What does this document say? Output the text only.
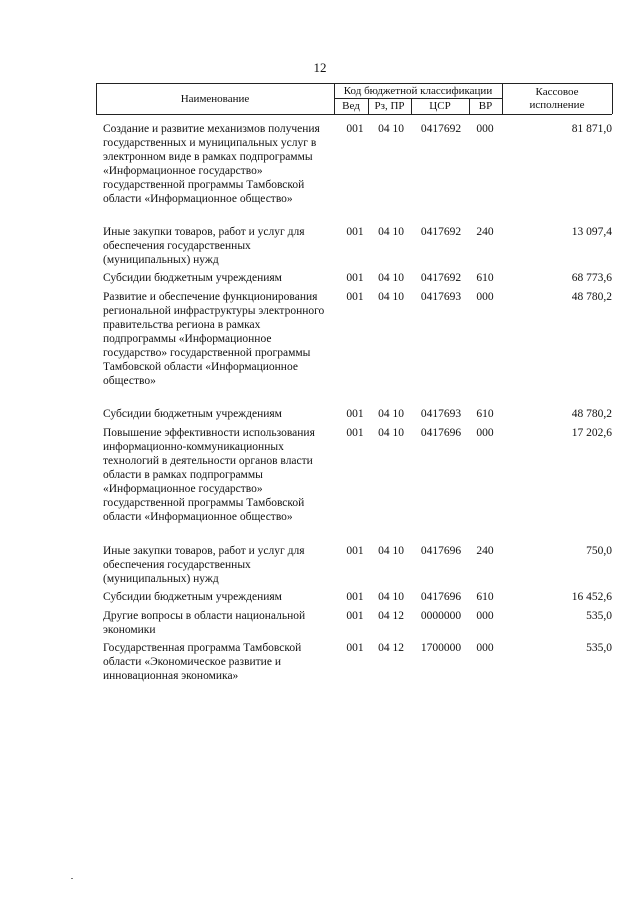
12
Наименование
Код бюджетной классификации
Вед	Рз, ПР	ЦСР	ВР
Кассовое
исполнение
Создание и развитие механизмов получения государственных и муниципальных услуг в электронном виде в рамках подпрограммы «Информационное государство» государственной программы Тамбовской области «Информационное общество»
001	04 10	0417692	000	81 871,0
Иные закупки товаров, работ и услуг для обеспечения государственных (муниципальных) нужд
001	04 10	0417692	240	13 097,4
Субсидии бюджетным учреждениям	001	04 10	0417692	610	68 773,6
Развитие и обеспечение функционирования региональной инфраструктуры электронного правительства региона в рамках подпрограммы «Информационное государство» государственной программы Тамбовской области «Информационное общество»
001	04 10	0417693	000	48 780,2
Субсидии бюджетным учреждениям	001	04 10	0417693	610	48 780,2
Повышение эффективности использования информационно-коммуникационных технологий в деятельности органов власти области в рамках подпрограммы «Информационное государство» государственной программы Тамбовской области «Информационное общество»
001	04 10	0417696	000	17 202,6
Иные закупки товаров, работ и услуг для обеспечения государственных (муниципальных) нужд
001	04 10	0417696	240	750,0
Субсидии бюджетным учреждениям	001	04 10	0417696	610	16 452,6
Другие вопросы в области национальной экономики
001	04 12	0000000	000	535,0
Государственная программа Тамбовской области «Экономическое развитие и инновационная экономика»
001	04 12	1700000	000	535,0
